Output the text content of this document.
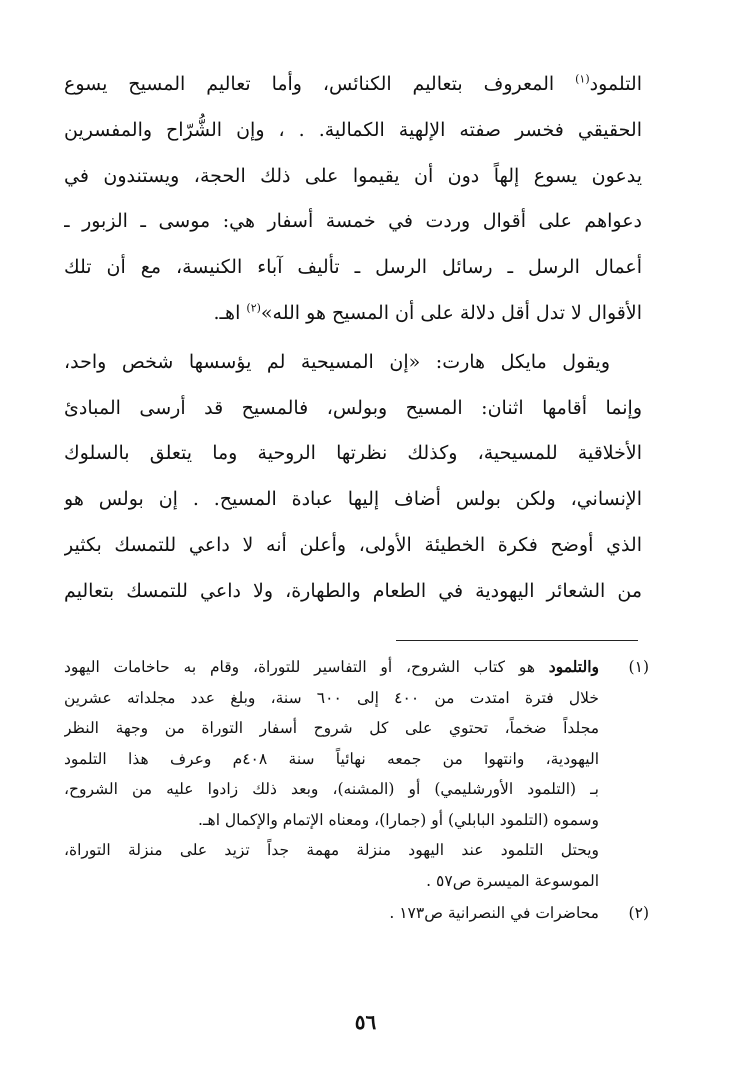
التلمود$^{(١)}$ المعروف بتعاليم الكنائس، وأما تعاليم المسيح يسوع
الحقيقي فخسر صفته الإلهية الكمالية. . ، وإن الشُّرّاح والمفسرين
يدعون يسوع إلهاً دون أن يقيموا على ذلك الحجة، ويستندون في
دعواهم على أقوال وردت في خمسة أسفار هي: موسى ـ الزبور ـ
أعمال الرسل ـ رسائل الرسل ـ تأليف آباء الكنيسة، مع أن تلك
الأقوال لا تدل أقل دلالة على أن المسيح هو الله»$^{(٢)}$ اهـ.

ويقول مايكل هارت: «إن المسيحية لم يؤسسها شخص واحد،
وإنما أقامها اثنان: المسيح وبولس، فالمسيح قد أرسى المبادئ
الأخلاقية للمسيحية، وكذلك نظرتها الروحية وما يتعلق بالسلوك
الإنساني، ولكن بولس أضاف إليها عبادة المسيح. . إن بولس هو
الذي أوضح فكرة الخطيئة الأولى، وأعلن أنه لا داعي للتمسك بكثير
من الشعائر اليهودية في الطعام والطهارة، ولا داعي للتمسك بتعاليم

(١)
والتلمود هو كتاب الشروح، أو التفاسير للتوراة، وقام به حاخامات اليهود
خلال فترة امتدت من ٤٠٠ إلى ٦٠٠ سنة، وبلغ عدد مجلداته عشرين
مجلداً ضخماً، تحتوي على كل شروح أسفار التوراة من وجهة النظر
اليهودية، وانتهوا من جمعه نهائياً سنة ٤٠٨م وعرف هذا التلمود
بـ (التلمود الأورشليمي) أو (المشنه)، وبعد ذلك زادوا عليه من الشروح،
وسموه (التلمود البابلي) أو (جمارا)، ومعناه الإتمام والإكمال اهـ.
ويحتل التلمود عند اليهود منزلة مهمة جداً تزيد على منزلة التوراة،
الموسوعة الميسرة ص٥٧ .
(٢)
محاضرات في النصرانية ص١٧٣ .
٥٦
